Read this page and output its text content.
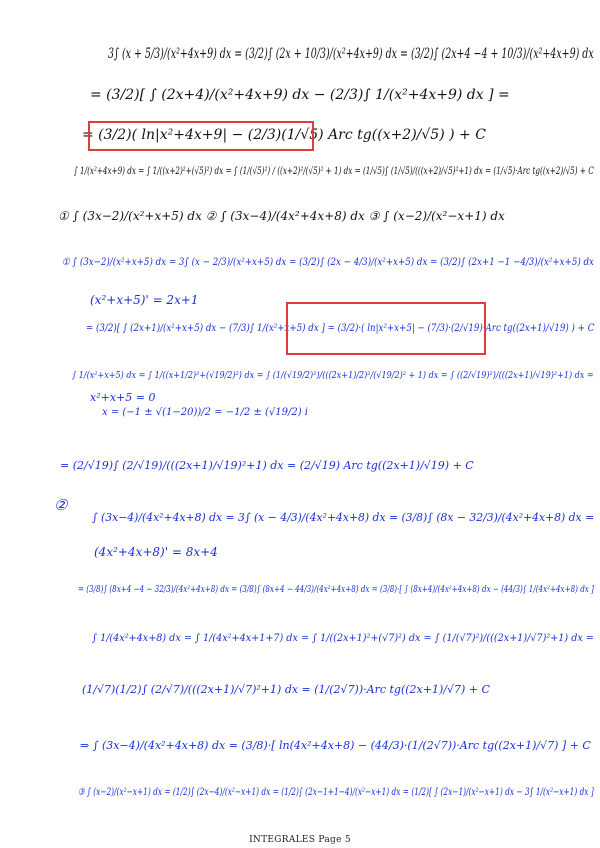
3∫ (x + 5/3)/(x²+4x+9) dx = (3/2)∫ (2x + 10/3)/(x²+4x+9) dx = (3/2)∫ (2x+4 −4 + 10/3)/(x²+4x+9) dx
= (3/2)[ ∫ (2x+4)/(x²+4x+9) dx − (2/3)∫ 1/(x²+4x+9) dx ] =
= (3/2)( ln|x²+4x+9| − (2/3)(1/√5) Arc tg((x+2)/√5) ) + C
∫ 1/(x²+4x+9) dx = ∫ 1/((x+2)²+(√5)²) dx = ∫ (1/(√5)²) / ((x+2)²/(√5)² + 1) dx = (1/√5)∫ (1/√5)/(((x+2)/√5)²+1) dx = (1/√5)·Arc tg((x+2)/√5) + C
① ∫ (3x−2)/(x²+x+5) dx ② ∫ (3x−4)/(4x²+4x+8) dx ③ ∫ (x−2)/(x²−x+1) dx
① ∫ (3x−2)/(x²+x+5) dx = 3∫ (x − 2/3)/(x²+x+5) dx = (3/2)∫ (2x − 4/3)/(x²+x+5) dx = (3/2)∫ (2x+1 −1 −4/3)/(x²+x+5) dx
(x²+x+5)' = 2x+1
= (3/2)[ ∫ (2x+1)/(x²+x+5) dx − (7/3)∫ 1/(x²+x+5) dx ] = (3/2)·( ln|x²+x+5| − (7/3)·(2/√19)·Arc tg((2x+1)/√19) ) + C
∫ 1/(x²+x+5) dx = ∫ 1/((x+1/2)²+(√19/2)²) dx = ∫ (1/(√19/2)²)/(((2x+1)/2)²/(√19/2)² + 1) dx = ∫ ((2/√19)²)/(((2x+1)/√19)²+1) dx =
x²+x+5 = 0
x = (−1 ± √(1−20))/2 = −1/2 ± (√19/2) i
= (2/√19)∫ (2/√19)/(((2x+1)/√19)²+1) dx = (2/√19) Arc tg((2x+1)/√19) + C
②
∫ (3x−4)/(4x²+4x+8) dx = 3∫ (x − 4/3)/(4x²+4x+8) dx = (3/8)∫ (8x − 32/3)/(4x²+4x+8) dx =
(4x²+4x+8)' = 8x+4
= (3/8)∫ (8x+4 −4 − 32/3)/(4x²+4x+8) dx = (3/8)∫ (8x+4 − 44/3)/(4x²+4x+8) dx = (3/8)·[ ∫ (8x+4)/(4x²+4x+8) dx − (44/3)∫ 1/(4x²+4x+8) dx ]
∫ 1/(4x²+4x+8) dx = ∫ 1/(4x²+4x+1+7) dx = ∫ 1/((2x+1)²+(√7)²) dx = ∫ (1/(√7)²)/(((2x+1)/√7)²+1) dx =
(1/√7)(1/2)∫ (2/√7)/(((2x+1)/√7)²+1) dx = (1/(2√7))·Arc tg((2x+1)/√7) + C
⇒ ∫ (3x−4)/(4x²+4x+8) dx = (3/8)·[ ln(4x²+4x+8) − (44/3)·(1/(2√7))·Arc tg((2x+1)/√7) ] + C
③ ∫ (x−2)/(x²−x+1) dx = (1/2)∫ (2x−4)/(x²−x+1) dx = (1/2)∫ (2x−1+1−4)/(x²−x+1) dx = (1/2)[ ∫ (2x−1)/(x²−x+1) dx − 3∫ 1/(x²−x+1) dx ]
INTEGRALES Page 5
